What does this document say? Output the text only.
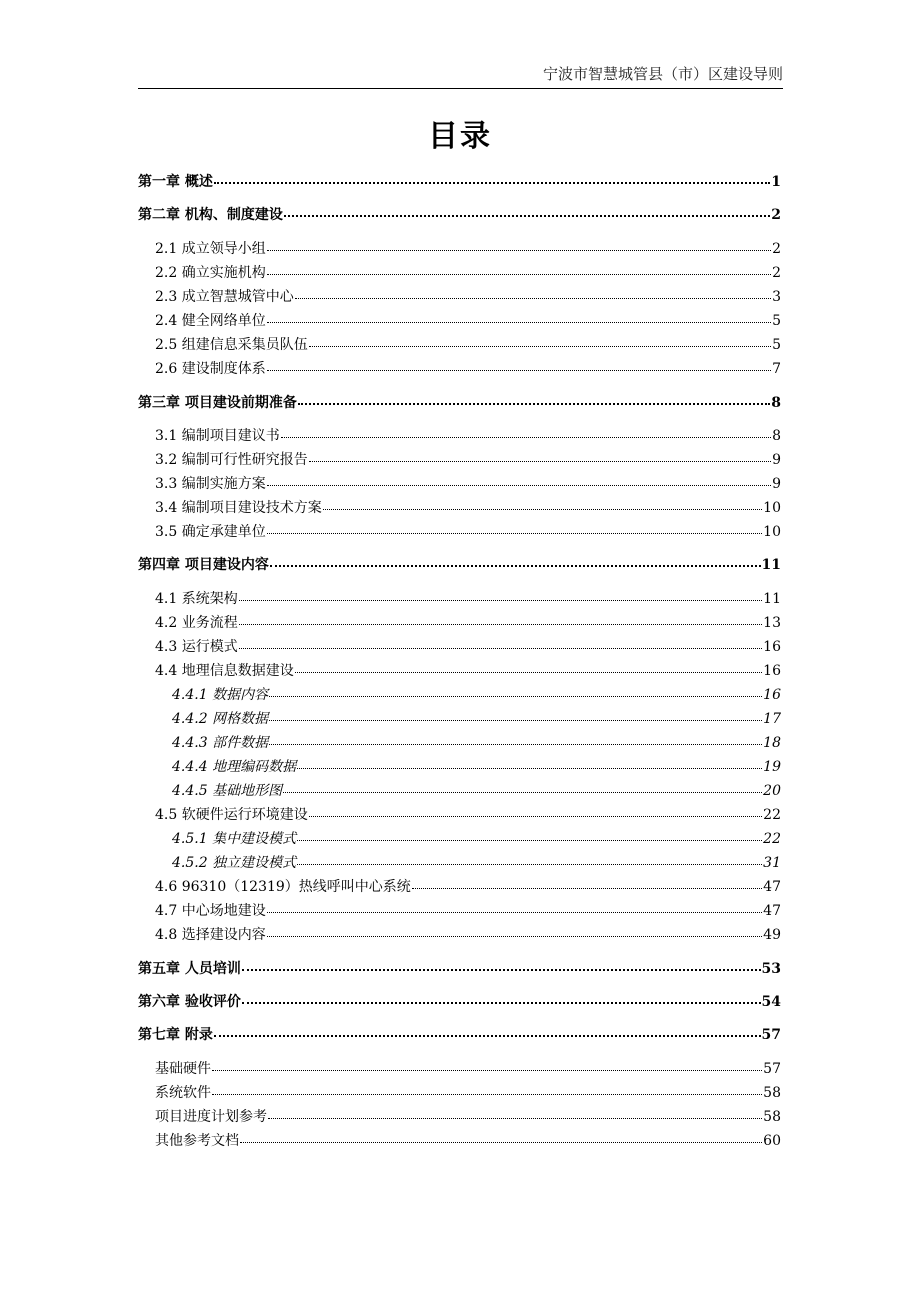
宁波市智慧城管县（市）区建设导则
目录
第一章 概述	1
第二章 机构、制度建设	2
2.1 成立领导小组	2
2.2 确立实施机构	2
2.3 成立智慧城管中心	3
2.4 健全网络单位	5
2.5 组建信息采集员队伍	5
2.6 建设制度体系	7
第三章 项目建设前期准备	8
3.1 编制项目建议书	8
3.2 编制可行性研究报告	9
3.3 编制实施方案	9
3.4 编制项目建设技术方案	10
3.5 确定承建单位	10
第四章 项目建设内容	11
4.1 系统架构	11
4.2 业务流程	13
4.3 运行模式	16
4.4 地理信息数据建设	16
4.4.1 数据内容	16
4.4.2 网格数据	17
4.4.3 部件数据	18
4.4.4 地理编码数据	19
4.4.5 基础地形图	20
4.5 软硬件运行环境建设	22
4.5.1 集中建设模式	22
4.5.2 独立建设模式	31
4.6 96310（12319）热线呼叫中心系统	47
4.7 中心场地建设	47
4.8 选择建设内容	49
第五章 人员培训	53
第六章 验收评价	54
第七章 附录	57
基础硬件	57
系统软件	58
项目进度计划参考	58
其他参考文档	60
